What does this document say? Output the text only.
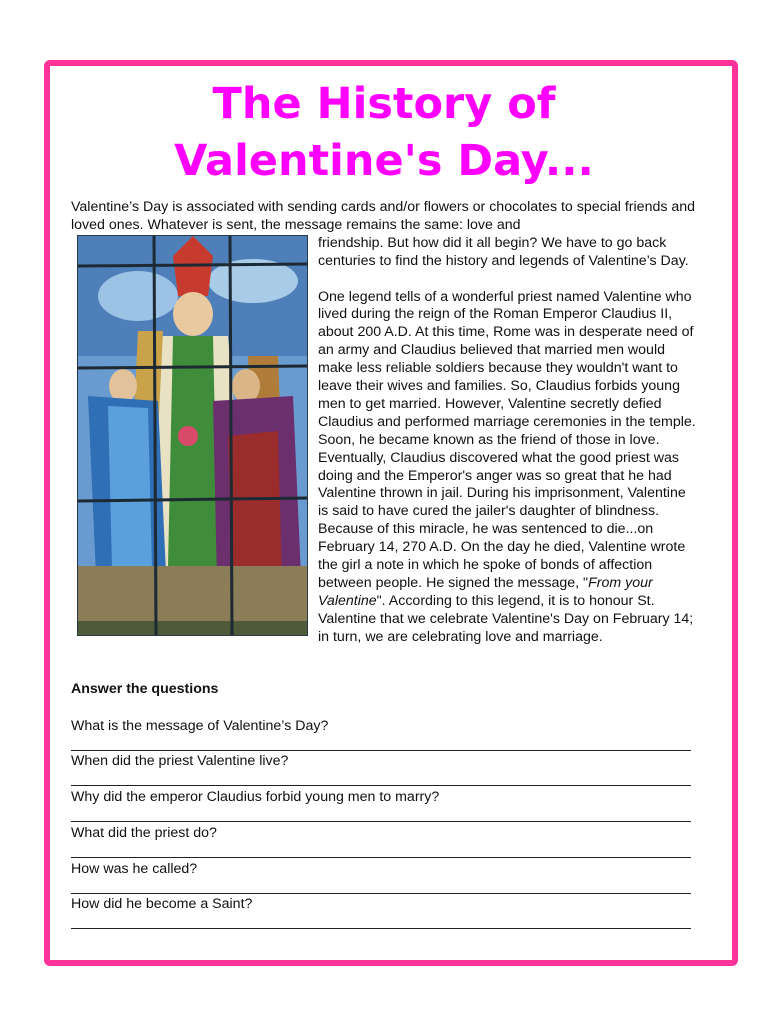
The History of
Valentine's Day...

Valentine’s Day is associated with sending cards and/or flowers or chocolates to special friends and loved ones. Whatever is sent, the message remains the same: love and

friendship. But how did it all begin? We have to go back centuries to find the history and legends of Valentine’s Day.

One legend tells of a wonderful priest named Valentine who lived during the reign of the Roman Emperor Claudius II, about 200 A.D. At this time, Rome was in desperate need of an army and Claudius believed that married men would make less reliable soldiers because they wouldn't want to leave their wives and families. So, Claudius forbids young men to get married. However, Valentine secretly defied Claudius and performed marriage ceremonies in the temple. Soon, he became known as the friend of those in love. Eventually, Claudius discovered what the good priest was doing and the Emperor's anger was so great that he had Valentine thrown in jail. During his imprisonment, Valentine is said to have cured the jailer's daughter of blindness. Because of this miracle, he was sentenced to die...on February 14, 270 A.D. On the day he died, Valentine wrote the girl a note in which he spoke of bonds of affection between people. He signed the message, "From your Valentine". According to this legend, it is to honour St. Valentine that we celebrate Valentine's Day on February 14; in turn, we are celebrating love and marriage.

Answer the questions

What is the message of Valentine’s Day?
When did the priest Valentine live?
Why did the emperor Claudius forbid young men to marry?
What did the priest do?
How was he called?
How did he become a Saint?
